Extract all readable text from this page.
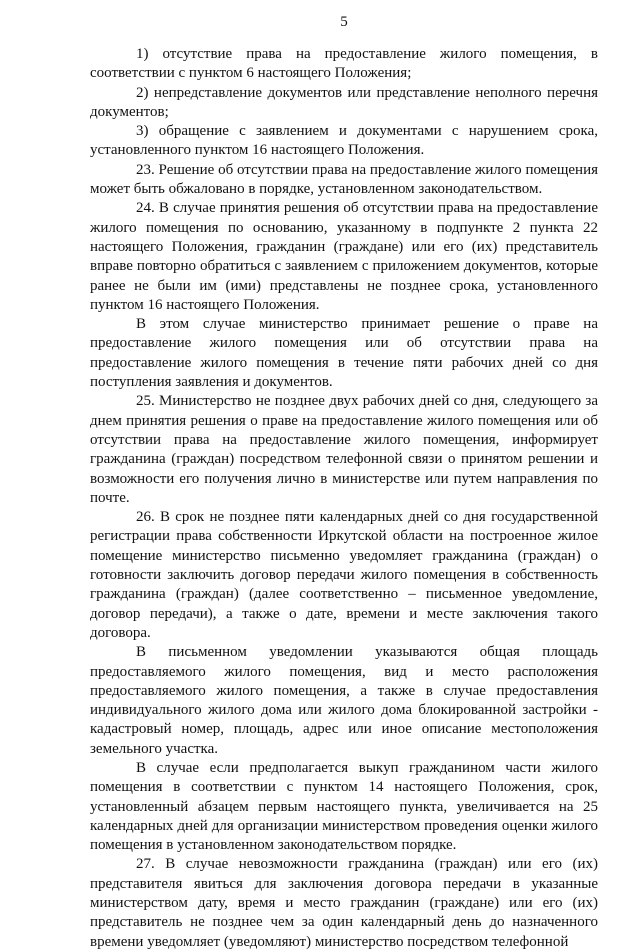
5

1) отсутствие права на предоставление жилого помещения, в соответствии с пунктом 6 настоящего Положения;

2) непредставление документов или представление неполного перечня документов;

3) обращение с заявлением и документами с нарушением срока, установленного пунктом 16 настоящего Положения.

23. Решение об отсутствии права на предоставление жилого помещения может быть обжаловано в порядке, установленном законодательством.

24. В случае принятия решения об отсутствии права на предоставление жилого помещения по основанию, указанному в подпункте 2 пункта 22 настоящего Положения, гражданин (граждане) или его (их) представитель вправе повторно обратиться с заявлением с приложением документов, которые ранее не были им (ими) представлены не позднее срока, установленного пунктом 16 настоящего Положения.

В этом случае министерство принимает решение о праве на предоставление жилого помещения или об отсутствии права на предоставление жилого помещения в течение пяти рабочих дней со дня поступления заявления и документов.

25. Министерство не позднее двух рабочих дней со дня, следующего за днем принятия решения о праве на предоставление жилого помещения или об отсутствии права на предоставление жилого помещения, информирует гражданина (граждан) посредством телефонной связи о принятом решении и возможности его получения лично в министерстве или путем направления по почте.

26. В срок не позднее пяти календарных дней со дня государственной регистрации права собственности Иркутской области на построенное жилое помещение министерство письменно уведомляет гражданина (граждан) о готовности заключить договор передачи жилого помещения в собственность гражданина (граждан) (далее соответственно – письменное уведомление, договор передачи), а также о дате, времени и месте заключения такого договора.

В письменном уведомлении указываются общая площадь предоставляемого жилого помещения, вид и место расположения предоставляемого жилого помещения, а также в случае предоставления индивидуального жилого дома или жилого дома блокированной застройки - кадастровый номер, площадь, адрес или иное описание местоположения земельного участка.

В случае если предполагается выкуп гражданином части жилого помещения в соответствии с пунктом 14 настоящего Положения, срок, установленный абзацем первым настоящего пункта, увеличивается на 25 календарных дней для организации министерством проведения оценки жилого помещения в установленном законодательством порядке.

27. В случае невозможности гражданина (граждан) или его (их) представителя явиться для заключения договора передачи в указанные министерством дату, время и место гражданин (граждане) или его (их) представитель не позднее чем за один календарный день до назначенного времени уведомляет (уведомляют) министерство посредством телефонной
